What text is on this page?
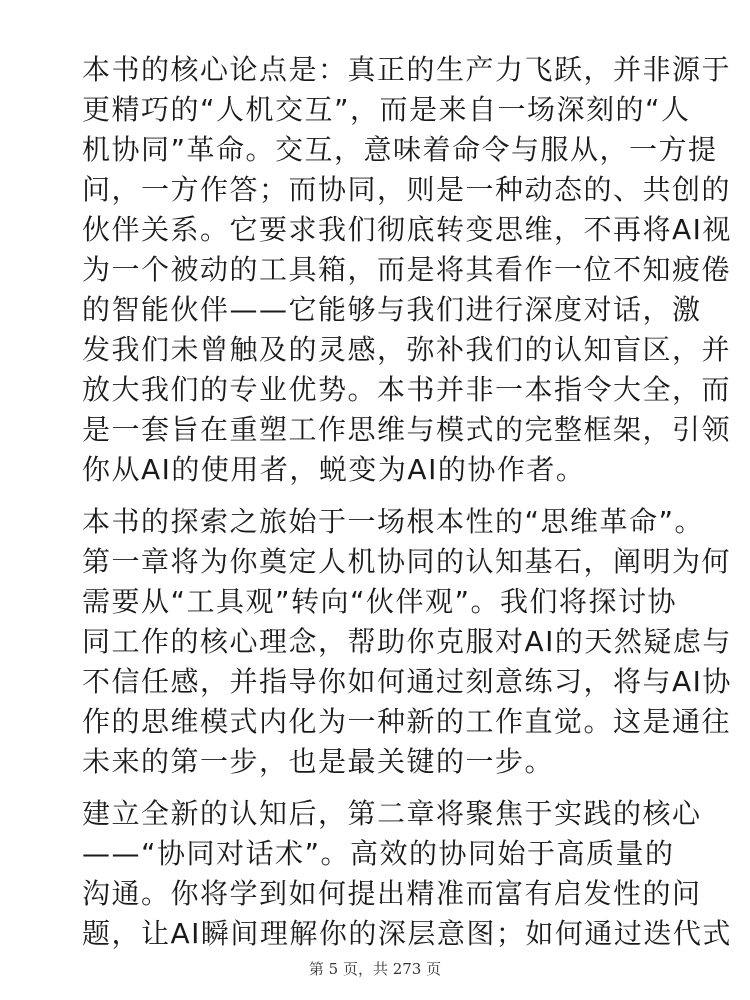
本书的核心论点是：真正的生产力飞跃，并非源于
更精巧的“人机交互”，而是来自一场深刻的“人
机协同”革命。交互，意味着命令与服从，一方提
问，一方作答；而协同，则是一种动态的、共创的
伙伴关系。它要求我们彻底转变思维，不再将AI视
为一个被动的工具箱，而是将其看作一位不知疲倦
的智能伙伴——它能够与我们进行深度对话，激
发我们未曾触及的灵感，弥补我们的认知盲区，并
放大我们的专业优势。本书并非一本指令大全，而
是一套旨在重塑工作思维与模式的完整框架，引领
你从AI的使用者，蜕变为AI的协作者。

本书的探索之旅始于一场根本性的“思维革命”。
第一章将为你奠定人机协同的认知基石，阐明为何
需要从“工具观”转向“伙伴观”。我们将探讨协
同工作的核心理念，帮助你克服对AI的天然疑虑与
不信任感，并指导你如何通过刻意练习，将与AI协
作的思维模式内化为一种新的工作直觉。这是通往
未来的第一步，也是最关键的一步。

建立全新的认知后，第二章将聚焦于实践的核心
——“协同对话术”。高效的协同始于高质量的
沟通。你将学到如何提出精准而富有启发性的问
题，让AI瞬间理解你的深层意图；如何通过迭代式

第 5 页，共 273 页
